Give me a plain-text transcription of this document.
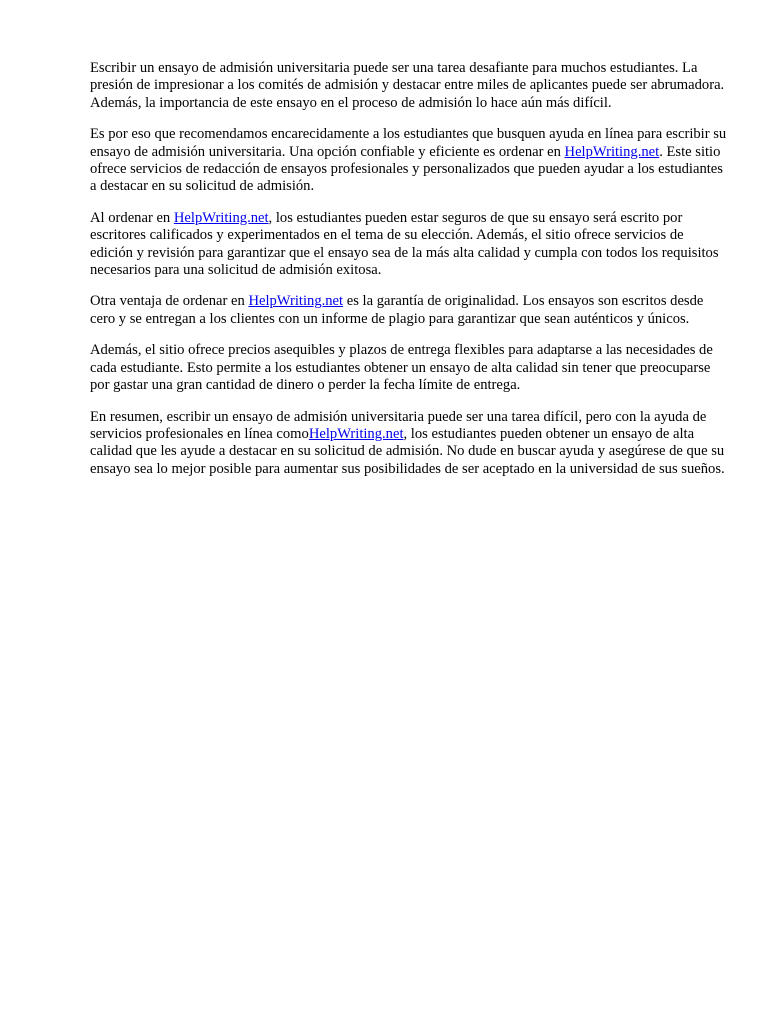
Escribir un ensayo de admisión universitaria puede ser una tarea desafiante para muchos estudiantes. La presión de impresionar a los comités de admisión y destacar entre miles de aplicantes puede ser abrumadora. Además, la importancia de este ensayo en el proceso de admisión lo hace aún más difícil.

Es por eso que recomendamos encarecidamente a los estudiantes que busquen ayuda en línea para escribir su ensayo de admisión universitaria. Una opción confiable y eficiente es ordenar en HelpWriting.net. Este sitio ofrece servicios de redacción de ensayos profesionales y personalizados que pueden ayudar a los estudiantes a destacar en su solicitud de admisión.

Al ordenar en HelpWriting.net, los estudiantes pueden estar seguros de que su ensayo será escrito por escritores calificados y experimentados en el tema de su elección. Además, el sitio ofrece servicios de edición y revisión para garantizar que el ensayo sea de la más alta calidad y cumpla con todos los requisitos necesarios para una solicitud de admisión exitosa.

Otra ventaja de ordenar en HelpWriting.net es la garantía de originalidad. Los ensayos son escritos desde cero y se entregan a los clientes con un informe de plagio para garantizar que sean auténticos y únicos.

Además, el sitio ofrece precios asequibles y plazos de entrega flexibles para adaptarse a las necesidades de cada estudiante. Esto permite a los estudiantes obtener un ensayo de alta calidad sin tener que preocuparse por gastar una gran cantidad de dinero o perder la fecha límite de entrega.

En resumen, escribir un ensayo de admisión universitaria puede ser una tarea difícil, pero con la ayuda de servicios profesionales en línea comoHelpWriting.net, los estudiantes pueden obtener un ensayo de alta calidad que les ayude a destacar en su solicitud de admisión. No dude en buscar ayuda y asegúrese de que su ensayo sea lo mejor posible para aumentar sus posibilidades de ser aceptado en la universidad de sus sueños.
